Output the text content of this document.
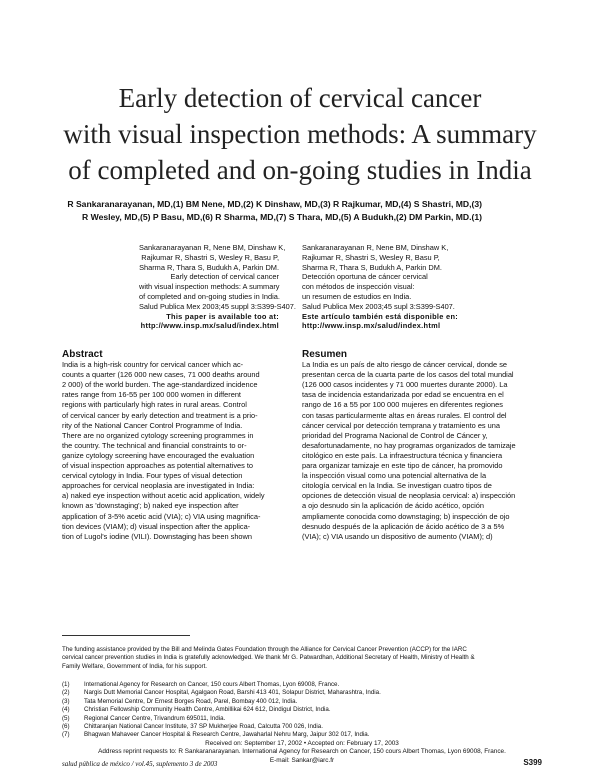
Early detection of cervical cancer
with visual inspection methods: A summary
of completed and on-going studies in India
R Sankaranarayanan, MD,(1) BM Nene, MD,(2) K Dinshaw, MD,(3) R Rajkumar, MD,(4) S Shastri, MD,(3)
R Wesley, MD,(5) P Basu, MD,(6) R Sharma, MD,(7) S Thara, MD,(5) A Budukh,(2) DM Parkin, MD.(1)
Sankaranarayanan R, Nene BM, Dinshaw K,
Rajkumar R, Shastri S, Wesley R, Basu P,
Sharma R, Thara S, Budukh A, Parkin DM.
Early detection of cervical cancer
with visual inspection methods: A summary
of completed and on-going studies in India.
Salud Publica Mex 2003;45 suppl 3:S399-S407.
This paper is available too at:
http://www.insp.mx/salud/index.html
Sankaranarayanan R, Nene BM, Dinshaw K,
Rajkumar R, Shastri S, Wesley R, Basu P,
Sharma R, Thara S, Budukh A, Parkin DM.
Detección oportuna de cáncer cervical
con métodos de inspección visual:
un resumen de estudios en India.
Salud Publica Mex 2003;45 supl 3:S399-S407.
Este artículo también está disponible en:
http://www.insp.mx/salud/index.html
Abstract
India is a high-risk country for cervical cancer which ac-
counts a quarter (126 000 new cases, 71 000 deaths around
2 000) of the world burden. The age-standardized incidence
rates range from 16-55 per 100 000 women in different
regions with particularly high rates in rural areas. Control
of cervical cancer by early detection and treatment is a prio-
rity of the National Cancer Control Programme of India.
There are no organized cytology screening programmes in
the country. The technical and financial constraints to or-
ganize cytology screening have encouraged the evaluation
of visual inspection approaches as potential alternatives to
cervical cytology in India. Four types of visual detection
approaches for cervical neoplasia are investigated in India:
a) naked eye inspection without acetic acid application, widely
known as 'downstaging'; b) naked eye inspection after
application of 3-5% acetic acid (VIA); c) VIA using magnifica-
tion devices (VIAM); d) visual inspection after the applica-
tion of Lugol's iodine (VILI). Downstaging has been shown
Resumen
La India es un país de alto riesgo de cáncer cervical, donde se
presentan cerca de la cuarta parte de los casos del total mundial
(126 000 casos incidentes y 71 000 muertes durante 2000). La
tasa de incidencia estandarizada por edad se encuentra en el
rango de 16 a 55 por 100 000 mujeres en diferentes regiones
con tasas particularmente altas en áreas rurales. El control del
cáncer cervical por detección temprana y tratamiento es una
prioridad del Programa Nacional de Control de Cáncer y,
desafortunadamente, no hay programas organizados de tamizaje
citológico en este país. La infraestructura técnica y financiera
para organizar tamizaje en este tipo de cáncer, ha promovido
la inspección visual como una potencial alternativa de la
citología cervical en la India. Se investigan cuatro tipos de
opciones de detección visual de neoplasia cervical: a) inspección
a ojo desnudo sin la aplicación de ácido acético, opción
ampliamente conocida como downstaging; b) inspección de ojo
desnudo después de la aplicación de ácido acético de 3 a 5%
(VIA); c) VIA usando un dispositivo de aumento (VIAM); d)
The funding assistance provided by the Bill and Melinda Gates Foundation through the Alliance for Cervical Cancer Prevention (ACCP) for the IARC
cervical cancer prevention studies in India is gratefully acknowledged. We thank Mr G. Patwardhan, Additional Secretary of Health, Ministry of Health &
Family Welfare, Government of India, for his support.
(1) International Agency for Research on Cancer, 150 cours Albert Thomas, Lyon 69008, France.
(2) Nargis Dutt Memorial Cancer Hospital, Agalgaon Road, Barshi 413 401, Solapur District, Maharashtra, India.
(3) Tata Memorial Centre, Dr Ernest Borges Road, Parel, Bombay 400 012, India.
(4) Christian Fellowship Community Health Centre, Ambillikai 624 612, Dindigul District, India.
(5) Regional Cancer Centre, Trivandrum 695011, India.
(6) Chittaranjan National Cancer Institute, 37 SP Mukherjee Road, Calcutta 700 026, India.
(7) Bhagwan Mahaveer Cancer Hospital & Research Centre, Jawaharlal Nehru Marg, Jaipur 302 017, India.
Received on: September 17, 2002 • Accepted on: February 17, 2003
Address reprint requests to: R Sankaranarayanan. International Agency for Research on Cancer, 150 cours Albert Thomas, Lyon 69008, France.
E-mail: Sankar@iarc.fr
salud pública de méxico / vol.45, suplemento 3 de 2003	S399
